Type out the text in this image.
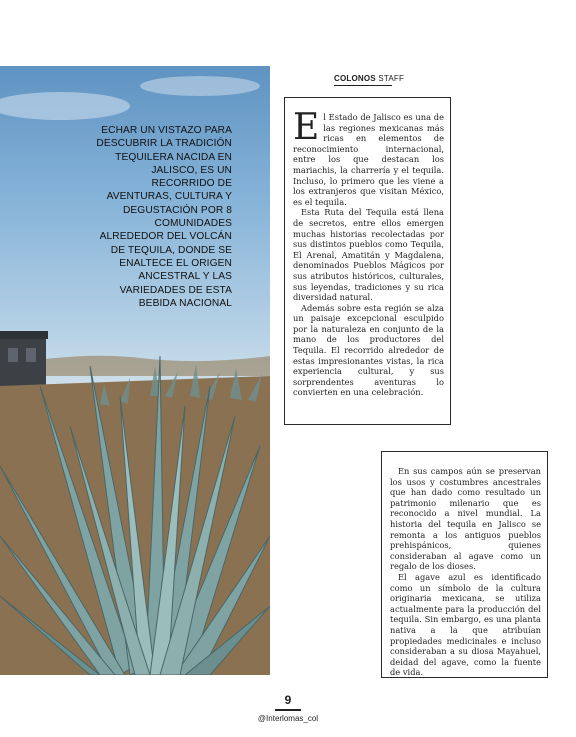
ECHAR UN VISTAZO PARA DESCUBRIR LA TRADICIÓN TEQUILERA NACIDA EN JALISCO, ES UN RECORRIDO DE AVENTURAS, CULTURA Y DEGUSTACIÓN POR 8 COMUNIDADES ALREDEDOR DEL VOLCÁN DE TEQUILA, DONDE SE ENALTECE EL ORIGEN ANCESTRAL Y LAS VARIEDADES DE ESTA BEBIDA NACIONAL
COLONOS STAFF
E l Estado de Jalisco es una de las regiones mexicanas más ricas en elementos de reconocimiento internacional, entre los que destacan los mariachis, la charrería y el tequila. Incluso, lo primero que les viene a los extranjeros que visitan México, es el tequila.

Esta Ruta del Tequila está llena de secretos, entre ellos emergen muchas historias recolectadas por sus distintos pueblos como Tequila, El Arenal, Amatitán y Magdalena, denominados Pueblos Mágicos por sus atributos históricos, culturales, sus leyendas, tradiciones y su rica diversidad natural.

Además sobre esta región se alza un paisaje excepcional esculpido por la naturaleza en conjunto de la mano de los productores del Tequila. El recorrido alrededor de estas impresionantes vistas, la rica experiencia cultural, y sus sorprendentes aventuras lo convierten en una celebración.

En sus campos aún se preservan los usos y costumbres ancestrales que han dado como resultado un patrimonio milenario que es reconocido a nivel mundial. La historia del tequila en Jalisco se remonta a los antiguos pueblos prehispánicos, quienes consideraban al agave como un regalo de los dioses.

El agave azul es identificado como un símbolo de la cultura originaria mexicana, se utiliza actualmente para la producción del tequila. Sin embargo, es una planta nativa a la que atribuían propiedades medicinales e incluso consideraban a su diosa Mayahuel, deidad del agave, como la fuente de vida.

9
@Interlomas_col
